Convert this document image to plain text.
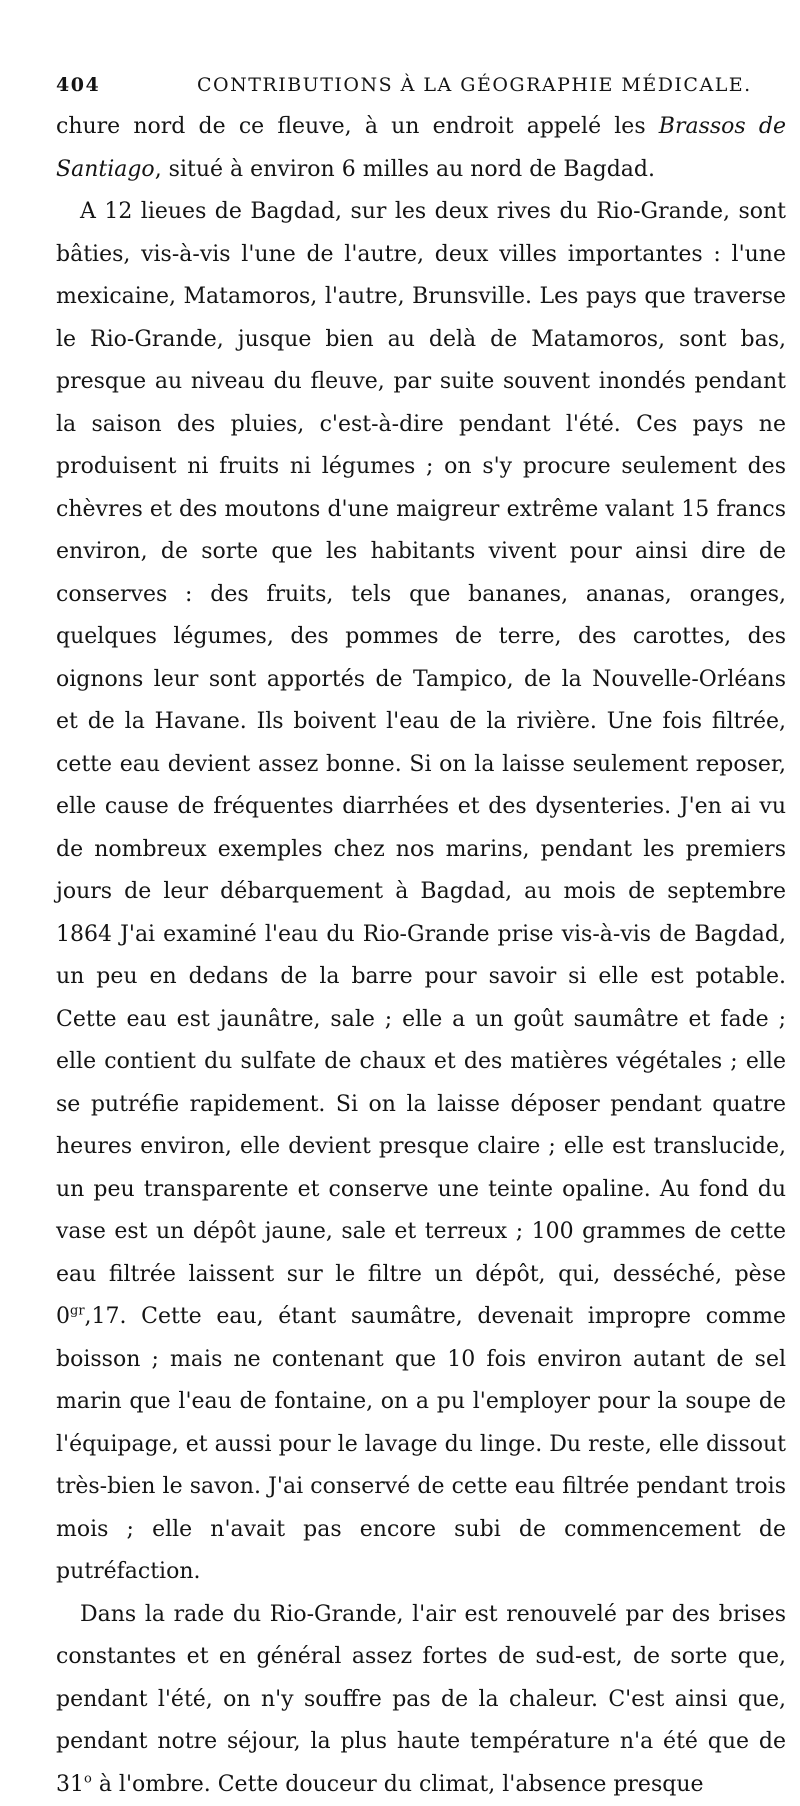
404	CONTRIBUTIONS À LA GÉOGRAPHIE MÉDICALE.

chure nord de ce fleuve, à un endroit appelé les Brassos de Santiago, situé à environ 6 milles au nord de Bagdad.

A 12 lieues de Bagdad, sur les deux rives du Rio-Grande, sont bâties, vis-à-vis l'une de l'autre, deux villes importantes : l'une mexicaine, Matamoros, l'autre, Brunsville. Les pays que traverse le Rio-Grande, jusque bien au delà de Matamoros, sont bas, presque au niveau du fleuve, par suite souvent inondés pendant la saison des pluies, c'est-à-dire pendant l'été. Ces pays ne produisent ni fruits ni légumes ; on s'y procure seulement des chèvres et des moutons d'une maigreur extrême valant 15 francs environ, de sorte que les habitants vivent pour ainsi dire de conserves : des fruits, tels que bananes, ananas, oranges, quelques légumes, des pommes de terre, des carottes, des oignons leur sont apportés de Tampico, de la Nouvelle-Orléans et de la Havane. Ils boivent l'eau de la rivière. Une fois filtrée, cette eau devient assez bonne. Si on la laisse seulement reposer, elle cause de fréquentes diarrhées et des dysenteries. J'en ai vu de nombreux exemples chez nos marins, pendant les premiers jours de leur débarquement à Bagdad, au mois de septembre 1864 J'ai examiné l'eau du Rio-Grande prise vis-à-vis de Bagdad, un peu en dedans de la barre pour savoir si elle est potable. Cette eau est jaunâtre, sale ; elle a un goût saumâtre et fade ; elle contient du sulfate de chaux et des matières végétales ; elle se putréfie rapidement. Si on la laisse déposer pendant quatre heures environ, elle devient presque claire ; elle est translucide, un peu transparente et conserve une teinte opaline. Au fond du vase est un dépôt jaune, sale et terreux ; 100 grammes de cette eau filtrée laissent sur le filtre un dépôt, qui, desséché, pèse $0^{gr},17$. Cette eau, étant saumâtre, devenait impropre comme boisson ; mais ne contenant que 10 fois environ autant de sel marin que l'eau de fontaine, on a pu l'employer pour la soupe de l'équipage, et aussi pour le lavage du linge. Du reste, elle dissout très-bien le savon. J'ai conservé de cette eau filtrée pendant trois mois ; elle n'avait pas encore subi de commencement de putréfaction.

Dans la rade du Rio-Grande, l'air est renouvelé par des brises constantes et en général assez fortes de sud-est, de sorte que, pendant l'été, on n'y souffre pas de la chaleur. C'est ainsi que, pendant notre séjour, la plus haute température n'a été que de 31$^o$ à l'ombre. Cette douceur du climat, l'absence presque
